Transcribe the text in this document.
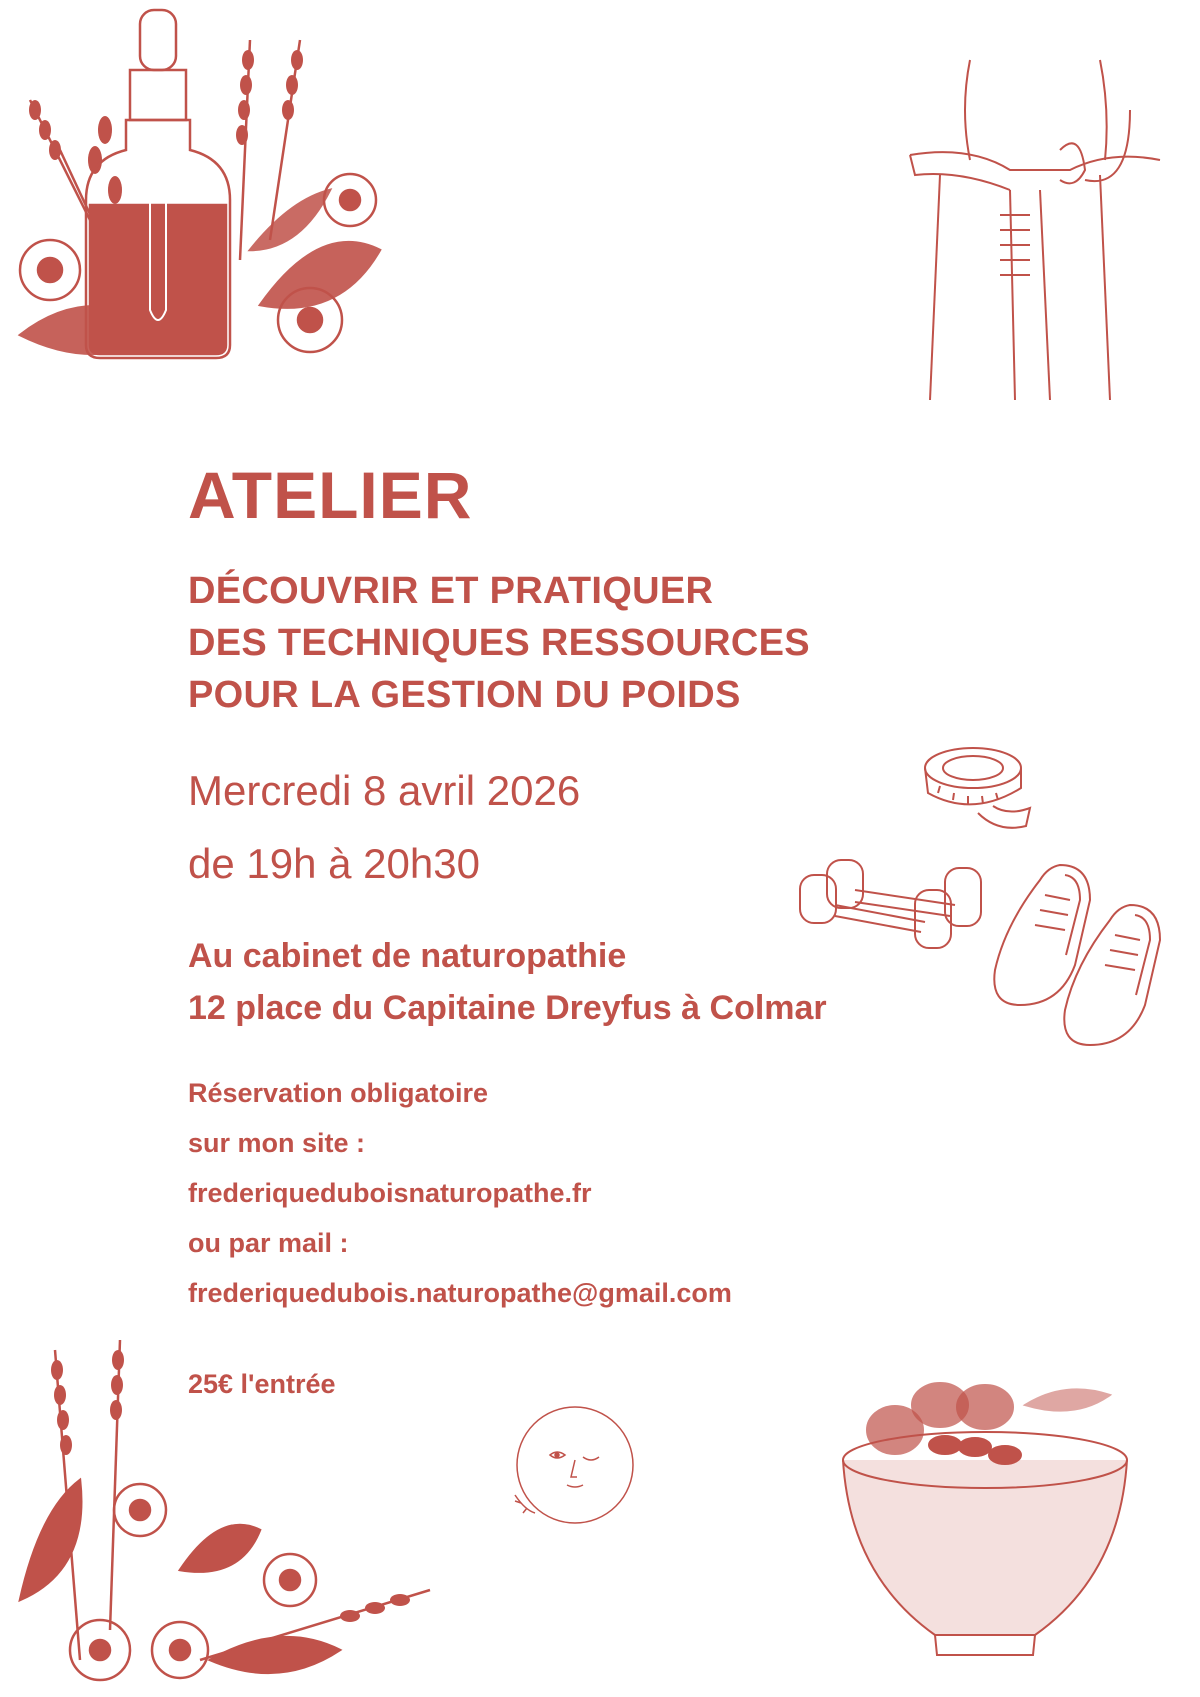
ATELIER
DÉCOUVRIR ET PRATIQUER
DES TECHNIQUES RESSOURCES
POUR LA GESTION DU POIDS
Mercredi 8 avril 2026
de 19h à 20h30
Au cabinet de naturopathie
12 place du Capitaine Dreyfus à Colmar
Réservation obligatoire
sur mon site :
frederiqueduboisnaturopathe.fr
ou par mail :
frederiquedubois.naturopathe@gmail.com
25€ l'entrée
